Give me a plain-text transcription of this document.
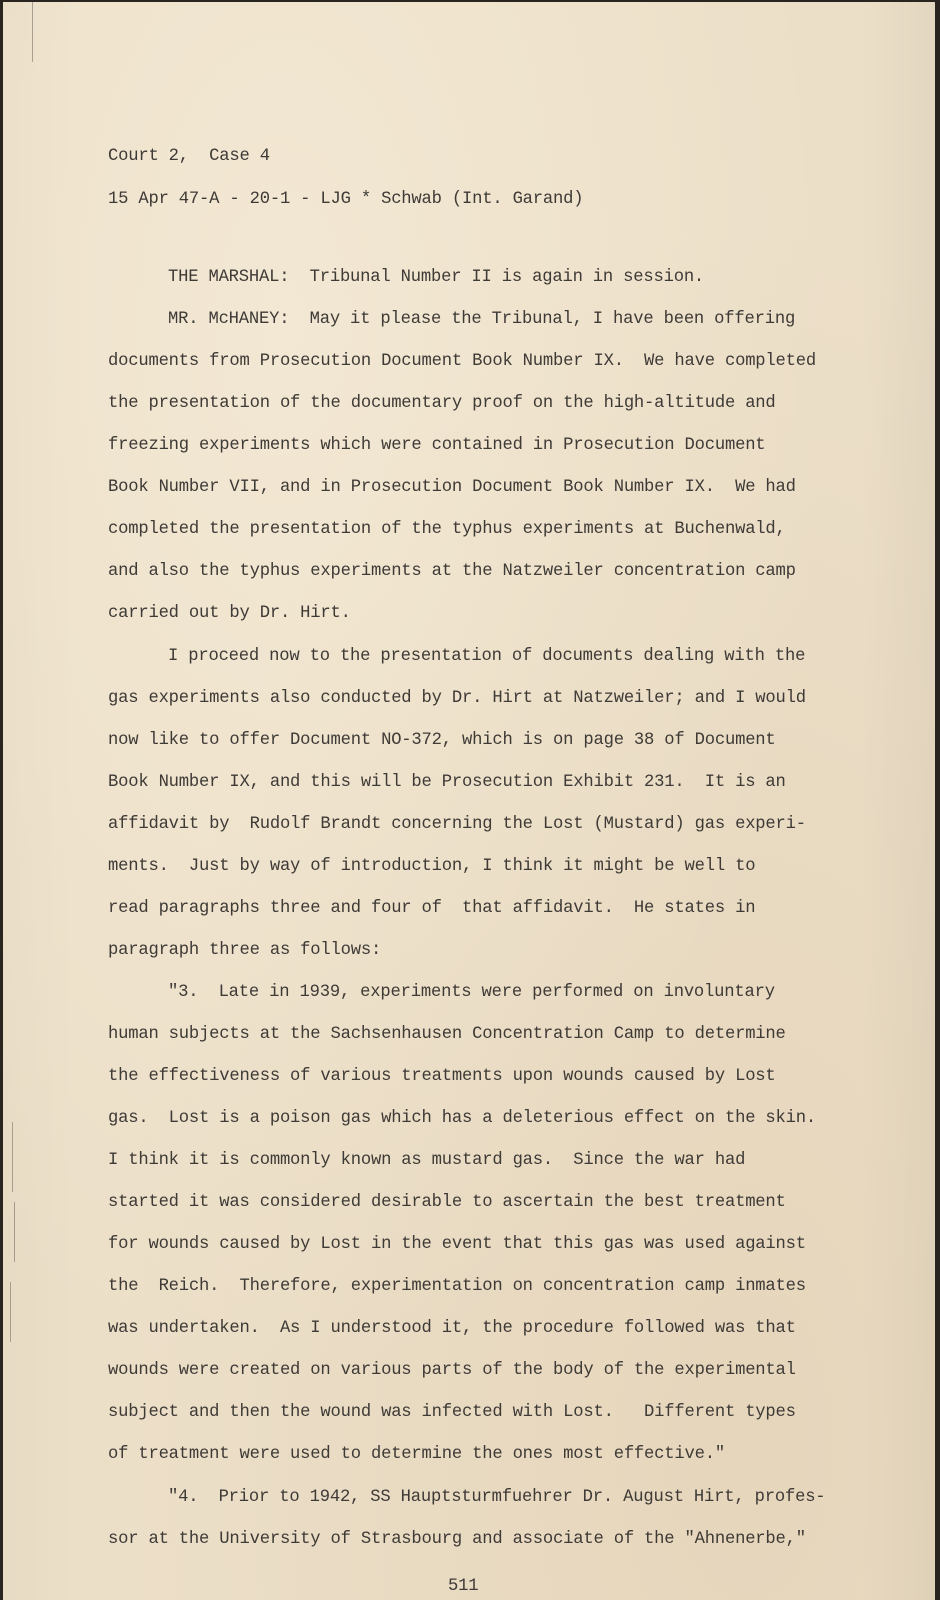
Court 2,  Case 4
15 Apr 47-A - 20-1 - LJG * Schwab (Int. Garand)
THE MARSHAL:  Tribunal Number II is again in session.
MR. McHANEY:  May it please the Tribunal, I have been offering
documents from Prosecution Document Book Number IX.  We have completed
the presentation of the documentary proof on the high-altitude and
freezing experiments which were contained in Prosecution Document
Book Number VII, and in Prosecution Document Book Number IX.  We had
completed the presentation of the typhus experiments at Buchenwald,
and also the typhus experiments at the Natzweiler concentration camp
carried out by Dr. Hirt.
I proceed now to the presentation of documents dealing with the
gas experiments also conducted by Dr. Hirt at Natzweiler; and I would
now like to offer Document NO-372, which is on page 38 of Document
Book Number IX, and this will be Prosecution Exhibit 231.  It is an
affidavit by  Rudolf Brandt concerning the Lost (Mustard) gas experi-
ments.  Just by way of introduction, I think it might be well to
read paragraphs three and four of  that affidavit.  He states in
paragraph three as follows:
"3.  Late in 1939, experiments were performed on involuntary
human subjects at the Sachsenhausen Concentration Camp to determine
the effectiveness of various treatments upon wounds caused by Lost
gas.  Lost is a poison gas which has a deleterious effect on the skin.
I think it is commonly known as mustard gas.  Since the war had
started it was considered desirable to ascertain the best treatment
for wounds caused by Lost in the event that this gas was used against
the  Reich.  Therefore, experimentation on concentration camp inmates
was undertaken.  As I understood it, the procedure followed was that
wounds were created on various parts of the body of the experimental
subject and then the wound was infected with Lost.   Different types
of treatment were used to determine the ones most effective."
"4.  Prior to 1942, SS Hauptsturmfuehrer Dr. August Hirt, profes-
sor at the University of Strasbourg and associate of the "Ahnenerbe,"
511
